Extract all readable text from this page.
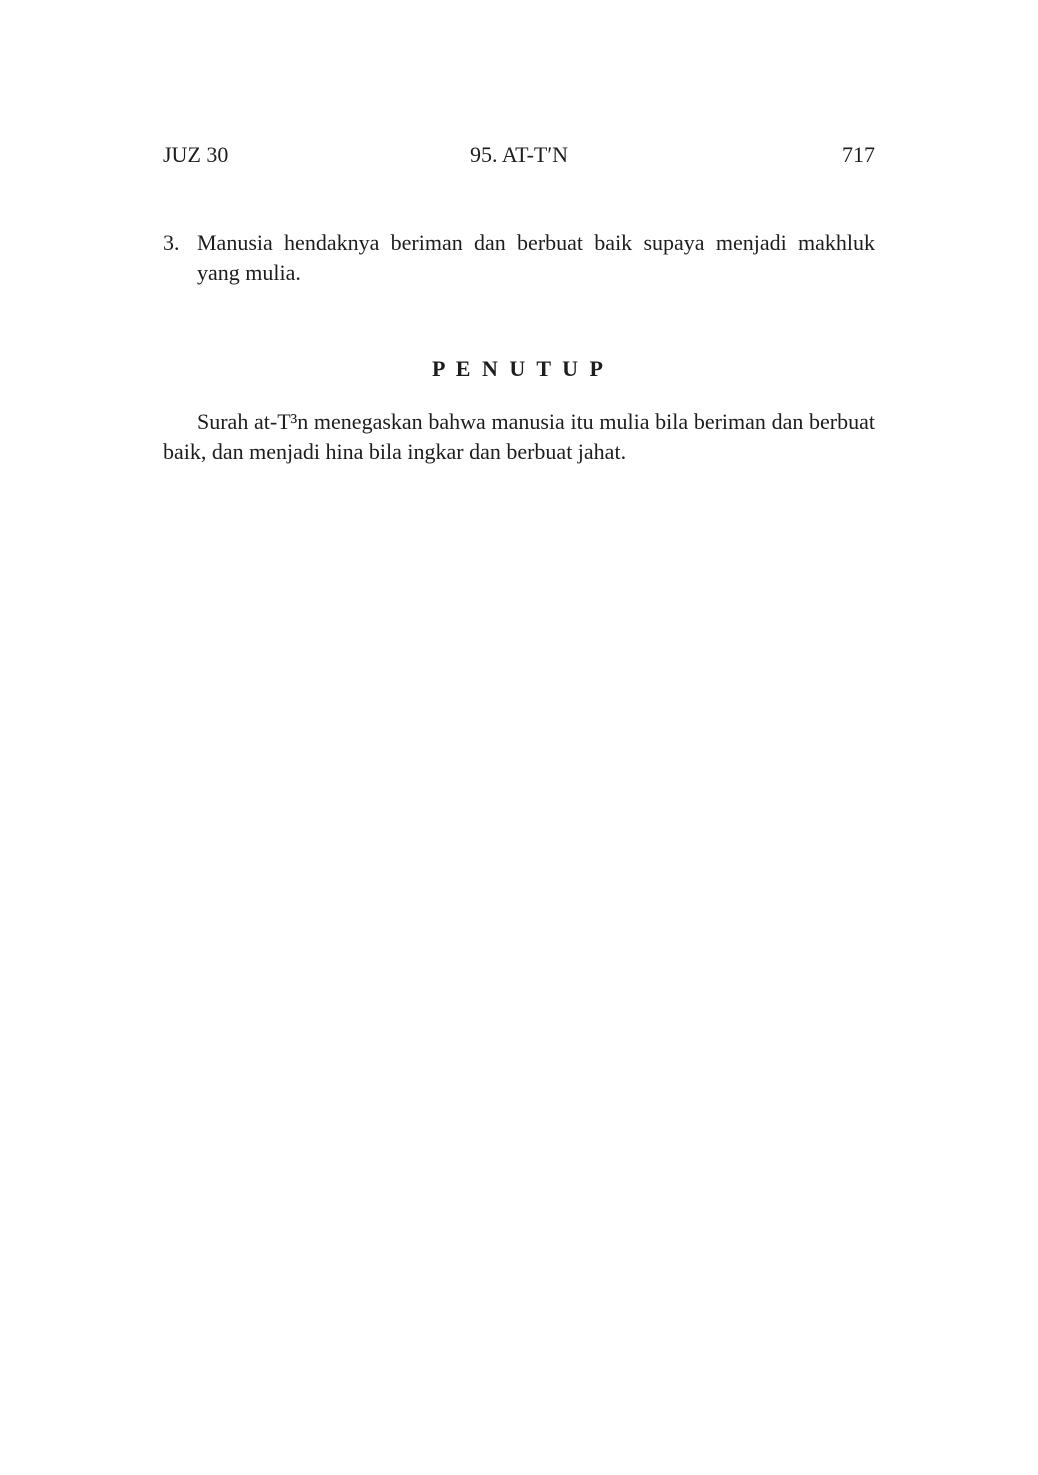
JUZ 30	95. AT-T′N	717
3. Manusia hendaknya beriman dan berbuat baik supaya menjadi makhluk yang mulia.
P E N U T U P
Surah at-T³n menegaskan bahwa manusia itu mulia bila beriman dan berbuat baik, dan menjadi hina bila ingkar dan berbuat jahat.
